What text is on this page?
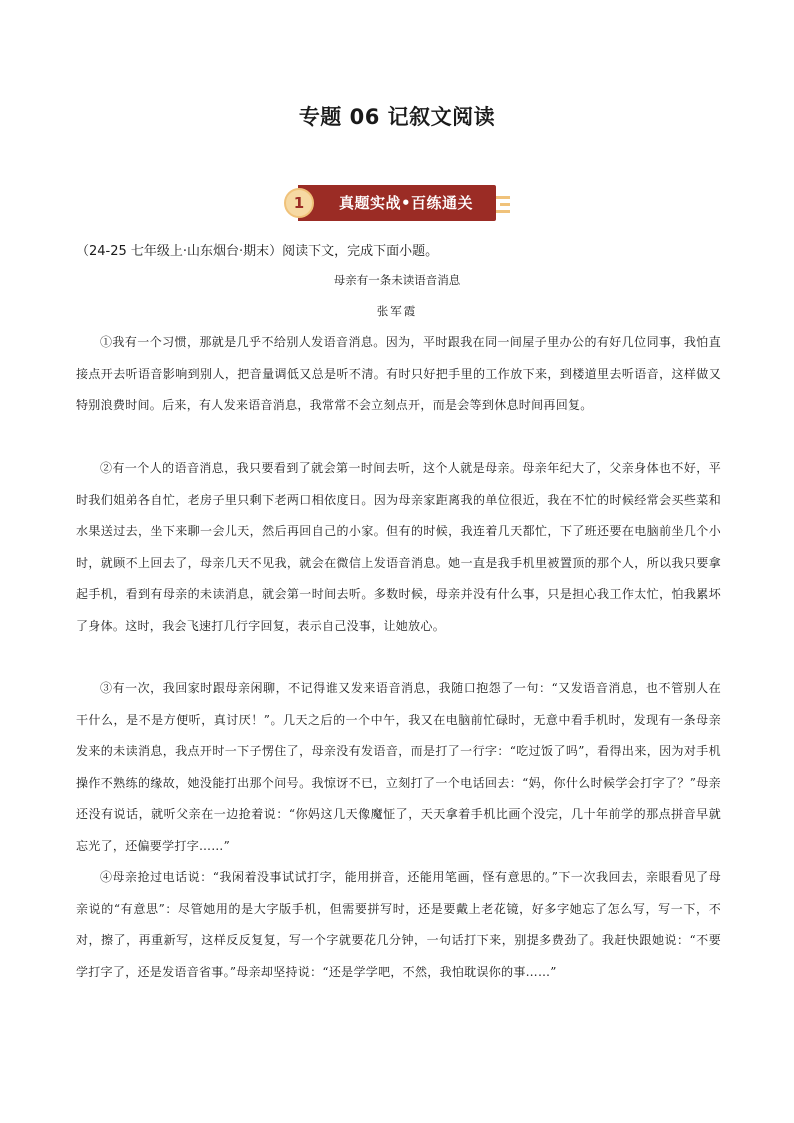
专题 06 记叙文阅读
1	真题实战•百练通关
（24-25 七年级上·山东烟台·期末）阅读下文，完成下面小题。
母亲有一条未读语音消息
张军霞

①我有一个习惯，那就是几乎不给别人发语音消息。因为，平时跟我在同一间屋子里办公的有好几位同事，我怕直接点开去听语音影响到别人，把音量调低又总是听不清。有时只好把手里的工作放下来，到楼道里去听语音，这样做又特别浪费时间。后来，有人发来语音消息，我常常不会立刻点开，而是会等到休息时间再回复。

②有一个人的语音消息，我只要看到了就会第一时间去听，这个人就是母亲。母亲年纪大了，父亲身体也不好，平时我们姐弟各自忙，老房子里只剩下老两口相依度日。因为母亲家距离我的单位很近，我在不忙的时候经常会买些菜和水果送过去，坐下来聊一会儿天，然后再回自己的小家。但有的时候，我连着几天都忙，下了班还要在电脑前坐几个小时，就顾不上回去了，母亲几天不见我，就会在微信上发语音消息。她一直是我手机里被置顶的那个人，所以我只要拿起手机，看到有母亲的未读消息，就会第一时间去听。多数时候，母亲并没有什么事，只是担心我工作太忙，怕我累坏了身体。这时，我会飞速打几行字回复，表示自己没事，让她放心。

③有一次，我回家时跟母亲闲聊，不记得谁又发来语音消息，我随口抱怨了一句：“又发语音消息，也不管别人在干什么，是不是方便听，真讨厌！”。几天之后的一个中午，我又在电脑前忙碌时，无意中看手机时，发现有一条母亲发来的未读消息，我点开时一下子愣住了，母亲没有发语音，而是打了一行字：“吃过饭了吗”，看得出来，因为对手机操作不熟练的缘故，她没能打出那个问号。我惊讶不已，立刻打了一个电话回去：“妈，你什么时候学会打字了？”母亲还没有说话，就听父亲在一边抢着说：“你妈这几天像魔怔了，天天拿着手机比画个没完，几十年前学的那点拼音早就忘光了，还偏要学打字……”

④母亲抢过电话说：“我闲着没事试试打字，能用拼音，还能用笔画，怪有意思的。”下一次我回去，亲眼看见了母亲说的“有意思”：尽管她用的是大字版手机，但需要拼写时，还是要戴上老花镜，好多字她忘了怎么写，写一下，不对，擦了，再重新写，这样反反复复，写一个字就要花几分钟，一句话打下来，别提多费劲了。我赶快跟她说：“不要学打字了，还是发语音省事。”母亲却坚持说：“还是学学吧，不然，我怕耽误你的事……”
